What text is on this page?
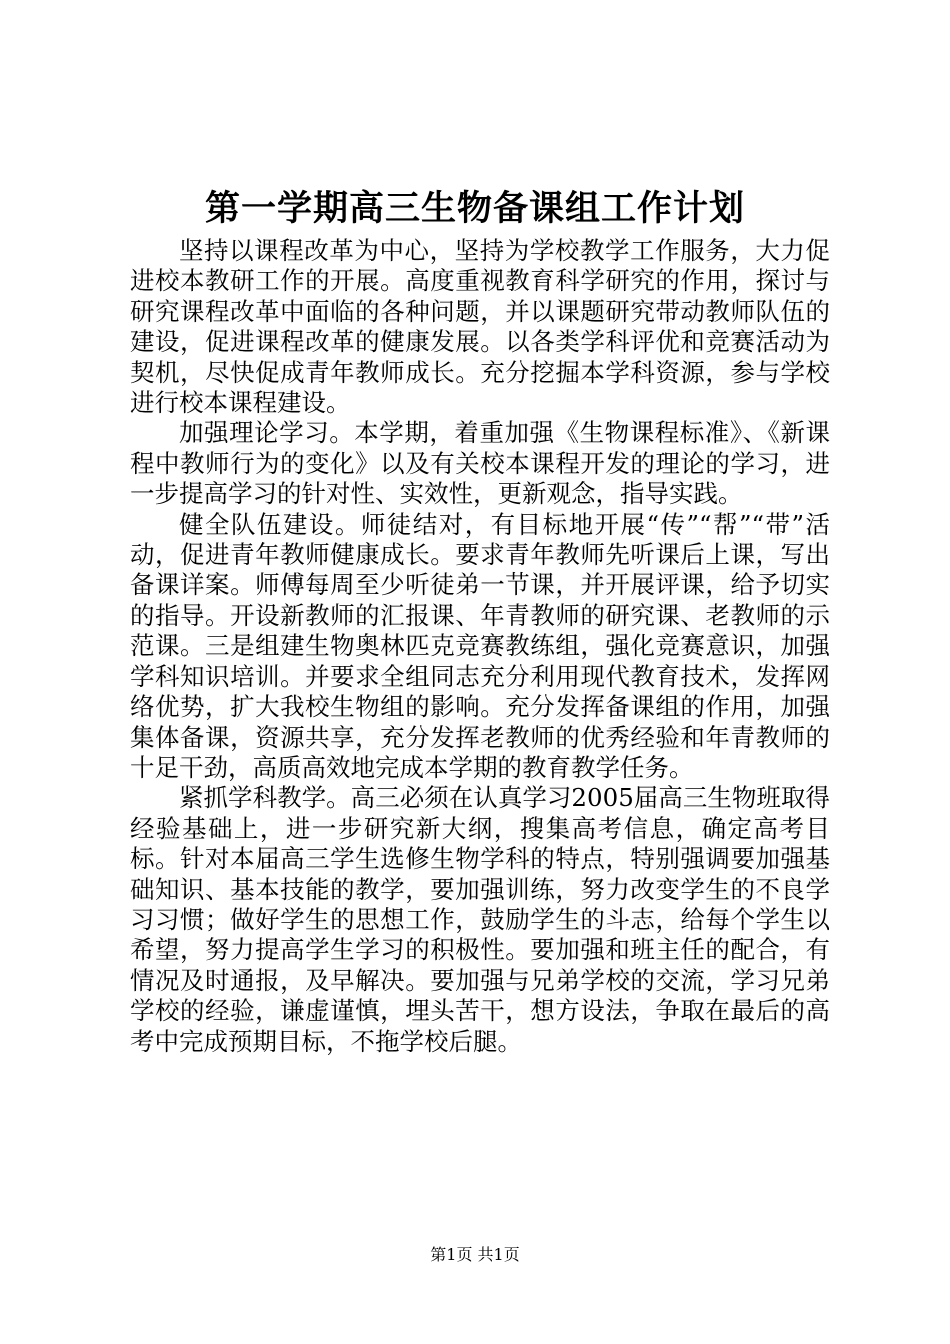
第一学期高三生物备课组工作计划

坚持以课程改革为中心，坚持为学校教学工作服务，大力促进校本教研工作的开展。高度重视教育科学研究的作用，探讨与研究课程改革中面临的各种问题，并以课题研究带动教师队伍的建设，促进课程改革的健康发展。以各类学科评优和竞赛活动为契机，尽快促成青年教师成长。充分挖掘本学科资源，参与学校进行校本课程建设。

加强理论学习。本学期，着重加强《生物课程标准》、《新课程中教师行为的变化》以及有关校本课程开发的理论的学习，进一步提高学习的针对性、实效性，更新观念，指导实践。

健全队伍建设。师徒结对，有目标地开展“传”“帮”“带”活动，促进青年教师健康成长。要求青年教师先听课后上课，写出备课详案。师傅每周至少听徒弟一节课，并开展评课，给予切实的指导。开设新教师的汇报课、年青教师的研究课、老教师的示范课。三是组建生物奥林匹克竞赛教练组，强化竞赛意识，加强学科知识培训。并要求全组同志充分利用现代教育技术，发挥网络优势，扩大我校生物组的影响。充分发挥备课组的作用，加强集体备课，资源共享，充分发挥老教师的优秀经验和年青教师的十足干劲，高质高效地完成本学期的教育教学任务。

紧抓学科教学。高三必须在认真学习2005届高三生物班取得经验基础上，进一步研究新大纲，搜集高考信息，确定高考目标。针对本届高三学生选修生物学科的特点，特别强调要加强基础知识、基本技能的教学，要加强训练，努力改变学生的不良学习习惯；做好学生的思想工作，鼓励学生的斗志，给每个学生以希望，努力提高学生学习的积极性。要加强和班主任的配合，有情况及时通报，及早解决。要加强与兄弟学校的交流，学习兄弟学校的经验，谦虚谨慎，埋头苦干，想方设法，争取在最后的高考中完成预期目标，不拖学校后腿。

第1页 共1页
